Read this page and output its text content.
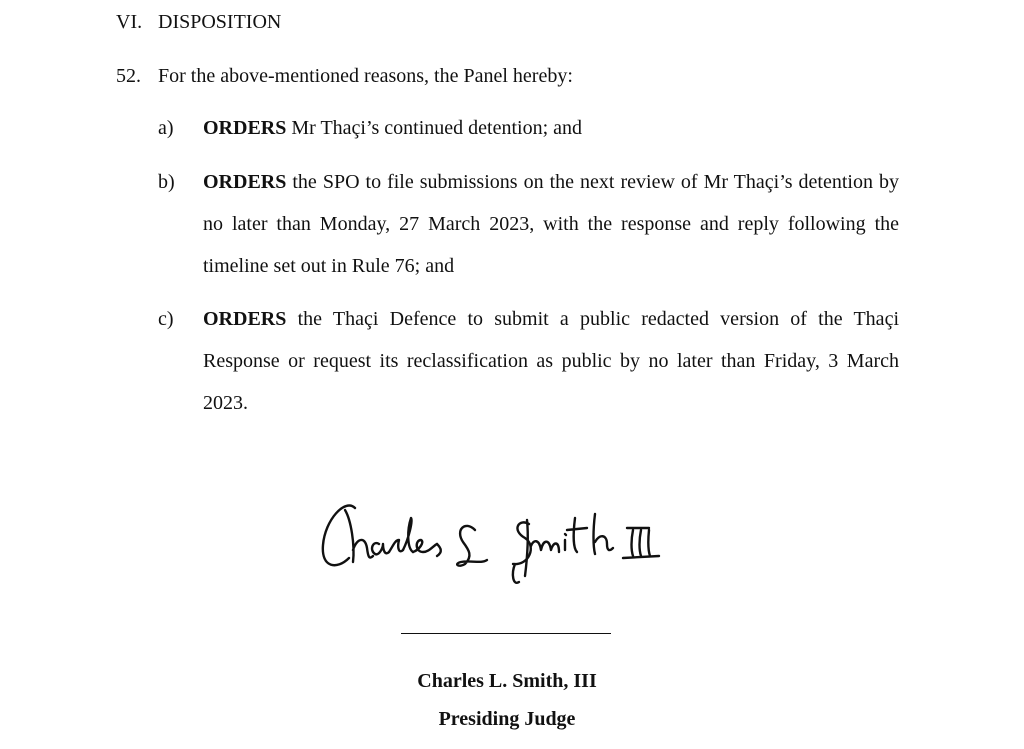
VI. DISPOSITION
52. For the above-mentioned reasons, the Panel hereby:
a) ORDERS Mr Thaçi’s continued detention; and
b) ORDERS the SPO to file submissions on the next review of Mr Thaçi’s detention by no later than Monday, 27 March 2023, with the response and reply following the timeline set out in Rule 76; and
c) ORDERS the Thaçi Defence to submit a public redacted version of the Thaçi Response or request its reclassification as public by no later than Friday, 3 March 2023.
Charles L. Smith, III
Presiding Judge
